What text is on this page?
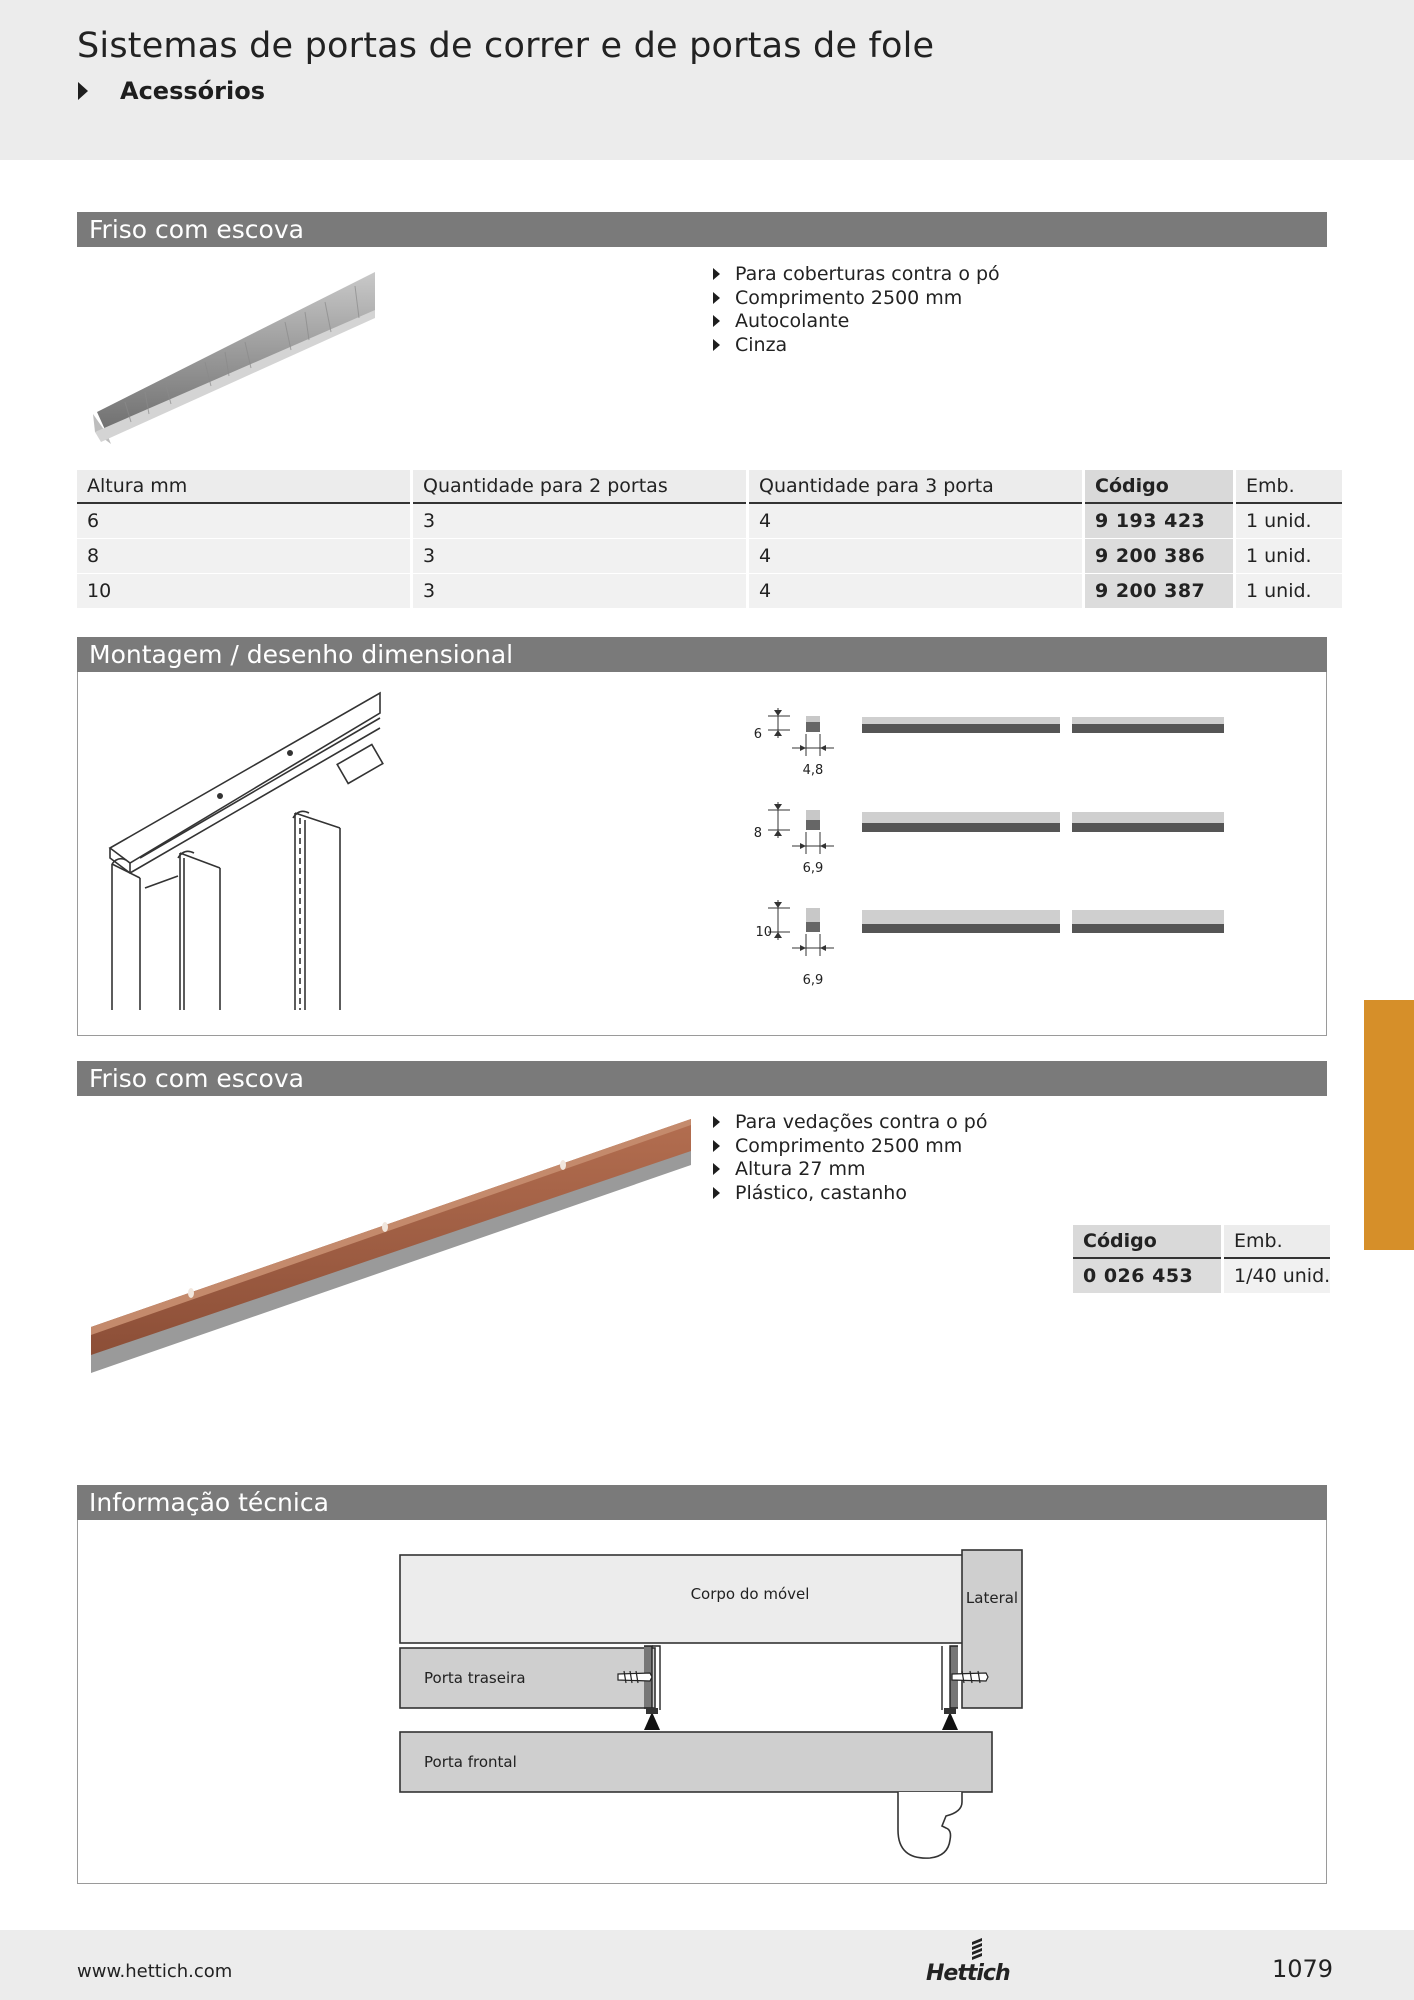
Sistemas de portas de correr e de portas de fole
Acessórios
Friso com escova
Para coberturas contra o pó
Comprimento 2500 mm
Autocolante
Cinza
Altura mm	Quantidade para 2 portas	Quantidade para 3 porta	Código	Emb.
6	3	4	9 193 423	1 unid.
8	3	4	9 200 386	1 unid.
10	3	4	9 200 387	1 unid.
Montagem / desenho dimensional
6
4,8
8
6,9
10
6,9
Friso com escova
Para vedações contra o pó
Comprimento 2500 mm
Altura 27 mm
Plástico, castanho
Código	Emb.
0 026 453	1/40 unid.
Informação técnica
Corpo do móvel	Lateral
Porta traseira
Porta frontal
www.hettich.com	Hettich	1079
